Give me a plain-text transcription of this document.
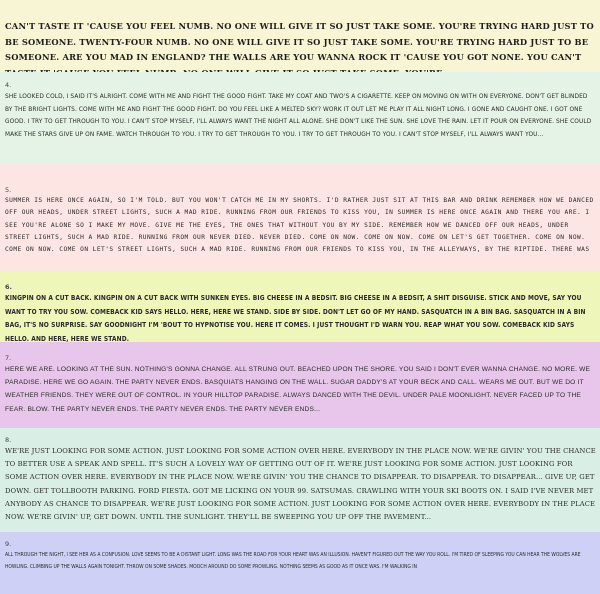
CAN'T TASTE IT 'CAUSE YOU FEEL NUMB. NO ONE WILL GIVE IT SO JUST TAKE SOME. YOU'RE TRYING HARD JUST TO BE SOMEONE. TWENTY-FOUR NUMB. NO ONE WILL GIVE IT SO JUST TAKE SOME. YOU'RE TRYING HARD JUST TO BE SOMEONE. ARE YOU MAD IN ENGLAND? THE WALLS ARE YOU WANNA ROCK IT 'CAUSE YOU GOT NONE. YOU CAN'T
4.
SHE LOOKED COLD, I SAID IT'S ALRIGHT. COME WITH ME AND FIGHT THE GOOD FIGHT. TAKE MY COAT AND TWO'S A CIGARETTE. KEEP ON MOVING ON WITH ON EVERYONE. DON'T GET BLINDED BY THE BRIGHT LIGHTS. COME WITH ME AND FIGHT THE GOOD FIGHT. DO YOU FEEL LIKE A MELTED SKY? WORK IT OUT LET ME PLAY IT ALL NIGHT LONG. I GONE AND CAUGHT ONE. I GOT ONE GOOD. I TRY TO GET THROUGH TO YOU. I CAN'T STOP MYSELF, I'LL ALWAYS WANT THE NIGHT ALL ALONE. SHE DON'T LIKE THE SUN. SHE LOVE THE RAIN. LET IT POUR ON EVERYONE. SHE COULD MAKE THE STARS GIVE UP ON FAME. WATCH THROUGH TO YOU. I TRY TO GET THROUGH TO YOU. I TRY TO GET THROUGH TO YOU. I CAN'T STOP MYSELF, I'LL ALWAYS WANT YOU...
5.
SUMMER IS HERE ONCE AGAIN, SO I'M TOLD. BUT YOU WON'T CATCH ME IN MY SHORTS. I'D RATHER JUST SIT AT THIS BAR AND DRINK REMEMBER HOW WE DANCED OFF OUR HEADS, UNDER STREET LIGHTS, SUCH A MAD RIDE. RUNNING FROM OUR FRIENDS TO KISS YOU, IN SUMMER IS HERE ONCE AGAIN AND THERE YOU ARE. I SEE YOU'RE ALONE SO I MAKE MY MOVE. GIVE ME THE EYES, THE ONES THAT WITHOUT YOU BY MY SIDE. REMEMBER HOW WE DANCED OFF OUR HEADS, UNDER STREET LIGHTS, SUCH A MAD RIDE. RUNNING FROM OUR NEVER DIED. NEVER DIED. COME ON NOW. COME ON NOW. COME ON LET'S GET TOGETHER. COME ON NOW. COME ON NOW. COME ON LET'S STREET LIGHTS, SUCH A MAD RIDE. RUNNING FROM OUR FRIENDS TO KISS YOU, IN THE ALLEYWAYS, BY THE RIPTIDE. THERE WAS
6.
KINGPIN ON A CUT BACK. KINGPIN ON A CUT BACK WITH SUNKEN EYES. BIG CHEESE IN A BEDSIT. BIG CHEESE IN A BEDSIT, A SHIT DISGUISE. STICK AND MOVE, SAY YOU WANT TO TRY YOU SOW. COMEBACK KID SAYS HELLO. HERE, HERE WE STAND. SIDE BY SIDE. DON'T LET GO OF MY HAND. SASQUATCH IN A BIN BAG. SASQUATCH IN A BIN BAG, IT'S NO SURPRISE. SAY GOODNIGHT I'M 'BOUT TO HYPNOTISE YOU. HERE IT COMES. I JUST THOUGHT I'D WARN YOU. REAP WHAT YOU SOW. COMEBACK KID SAYS HELLO. AND HERE, HERE WE STAND.
7.
HERE WE ARE. LOOKING AT THE SUN. NOTHING'S GONNA CHANGE. ALL STRUNG OUT. BEACHED UPON THE SHORE. YOU SAID I DON'T EVER WANNA CHANGE. NO MORE. WE PARADISE. HERE WE GO AGAIN. THE PARTY NEVER ENDS. BASQUIATS HANGING ON THE WALL. SUGAR DADDY'S AT YOUR BECK AND CALL. WEARS ME OUT. BUT WE DO IT WEATHER FRIENDS. THEY WERE OUT OF CONTROL. IN YOUR HILLTOP PARADISE. ALWAYS DANCED WITH THE DEVIL. UNDER PALE MOONLIGHT. NEVER FACED UP TO THE FEAR. BLOW. THE PARTY NEVER ENDS. THE PARTY NEVER ENDS. THE PARTY NEVER ENDS...
8.
WE'RE JUST LOOKING FOR SOME ACTION. JUST LOOKING FOR SOME ACTION OVER HERE. EVERYBODY IN THE PLACE NOW. WE'RE GIVIN' YOU THE CHANCE TO BETTER USE A SPEAK AND SPELL. IT'S SUCH A LOVELY WAY OF GETTING OUT OF IT. WE'RE JUST LOOKING FOR SOME ACTION. JUST LOOKING FOR SOME ACTION OVER HERE. EVERYBODY IN THE PLACE NOW. WE'RE GIVIN' YOU THE CHANCE TO DISAPPEAR. TO DISAPPEAR. TO DISAPPEAR... GIVE UP, GET DOWN. GET TOLLBOOTH PARKING. FORD FIESTA. GOT ME LICKING ON YOUR 99. SATSUMAS. CRAWLING WITH YOUR SKI BOOTS ON. I SAID I'VE NEVER MET ANYBODY AS CHANCE TO DISAPPEAR. WE'RE JUST LOOKING FOR SOME ACTION. JUST LOOKING FOR SOME ACTION OVER HERE. EVERYBODY IN THE PLACE NOW. WE'RE GIVIN' UP, GET DOWN. UNTIL THE SUNLIGHT. THEY'LL BE SWEEPING YOU UP OFF THE PAVEMENT...
9.
ALL THROUGH THE NIGHT, I SEE HER AS A CONFUSION. LOVE SEEMS TO BE A DISTANT LIGHT. LONG WAS THE ROAD FOR YOUR HEART WAS AN ILLUSION. HAVEN'T FIGURED OUT THE WAY YOU ROLL. I'M TIRED OF SLEEPING YOU CAN HEAR THE WOLVES ARE HOWLING. CLIMBING UP THE WALLS AGAIN TONIGHT. THROW ON SOME SHADES. MOOCH AROUND DO SOME PROWLING. NOTHING SEEMS AS GOOD AS IT ONCE WAS. I'M WALKING IN
